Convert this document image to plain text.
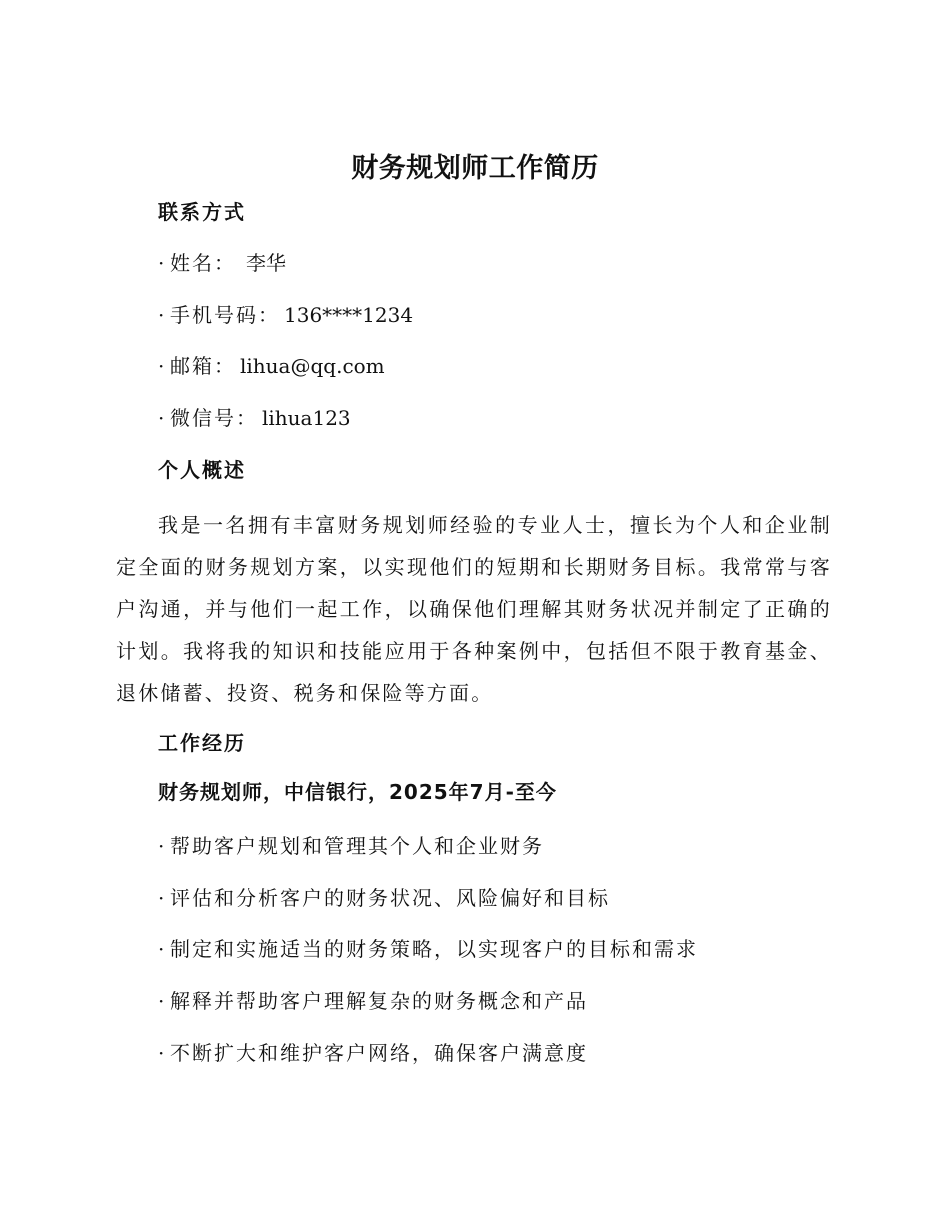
财务规划师工作简历
联系方式
· 姓名： 李华
· 手机号码： 136****1234
· 邮箱： lihua@qq.com
· 微信号： lihua123
个人概述
我是一名拥有丰富财务规划师经验的专业人士，擅长为个人和企业制定全面的财务规划方案，以实现他们的短期和长期财务目标。我常常与客户沟通，并与他们一起工作，以确保他们理解其财务状况并制定了正确的计划。我将我的知识和技能应用于各种案例中，包括但不限于教育基金、退休储蓄、投资、税务和保险等方面。
工作经历
财务规划师，中信银行，2025年7月-至今
· 帮助客户规划和管理其个人和企业财务
· 评估和分析客户的财务状况、风险偏好和目标
· 制定和实施适当的财务策略，以实现客户的目标和需求
· 解释并帮助客户理解复杂的财务概念和产品
· 不断扩大和维护客户网络，确保客户满意度
